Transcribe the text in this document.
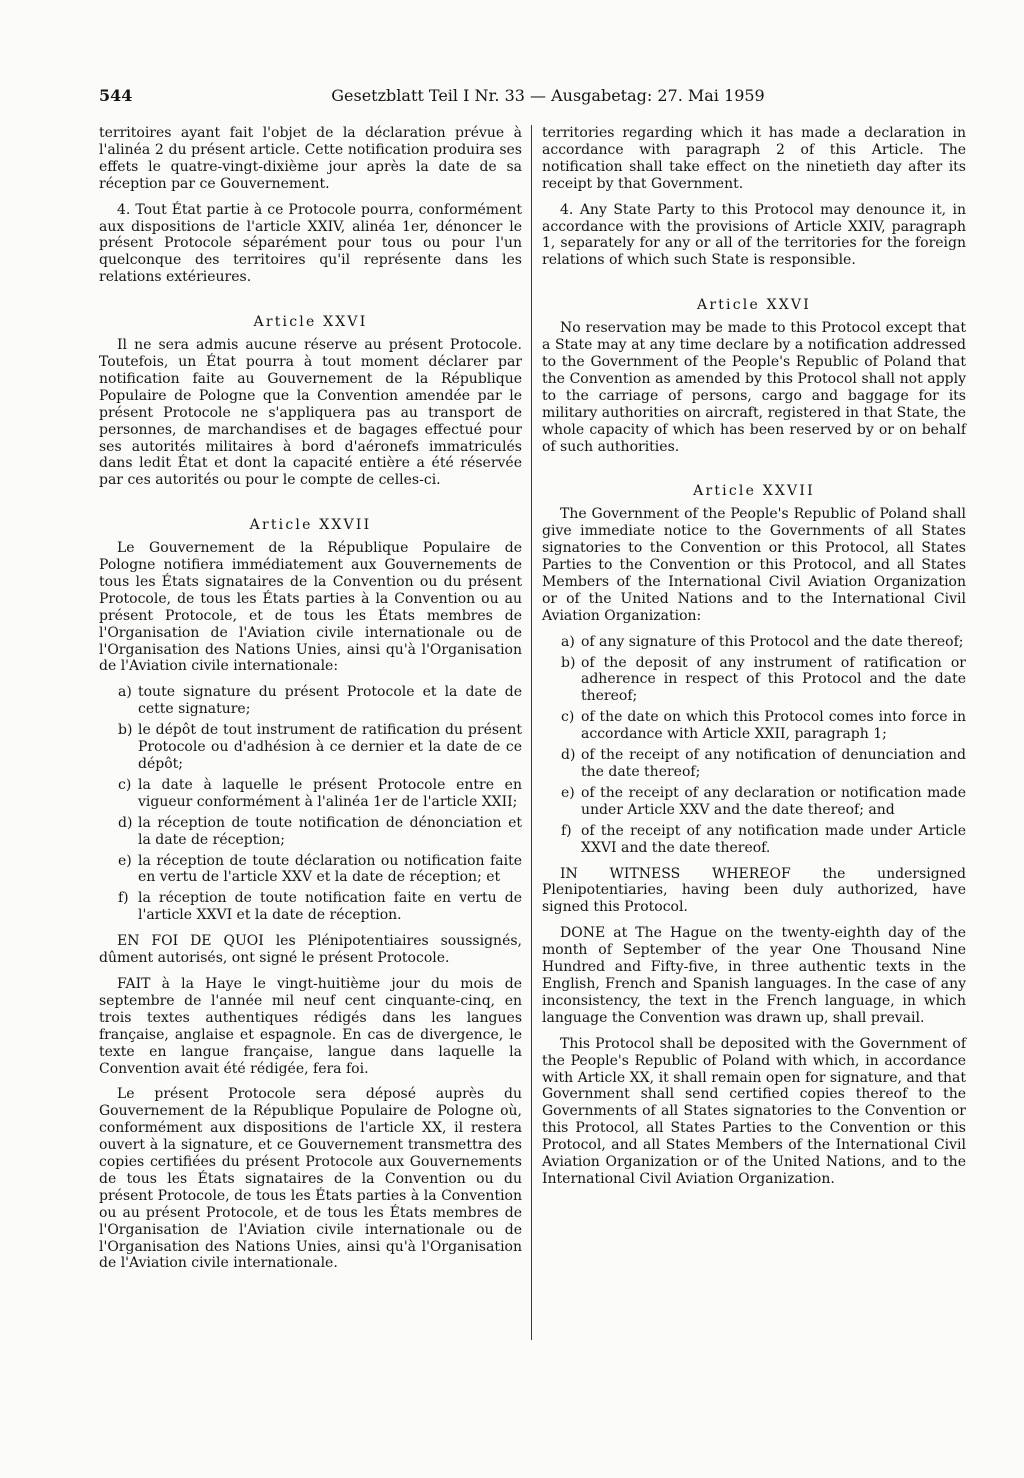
544	Gesetzblatt Teil I Nr. 33 — Ausgabetag: 27. Mai 1959

territoires ayant fait l'objet de la déclaration prévue à l'alinéa 2 du présent article. Cette notification produira ses effets le quatre-vingt-dixième jour après la date de sa réception par ce Gouvernement.

4. Tout État partie à ce Protocole pourra, conformément aux dispositions de l'article XXIV, alinéa 1er, dénoncer le présent Protocole séparément pour tous ou pour l'un quelconque des territoires qu'il représente dans les relations extérieures.

Article XXVI

Il ne sera admis aucune réserve au présent Protocole. Toutefois, un État pourra à tout moment déclarer par notification faite au Gouvernement de la République Populaire de Pologne que la Convention amendée par le présent Protocole ne s'appliquera pas au transport de personnes, de marchandises et de bagages effectué pour ses autorités militaires à bord d'aéronefs immatriculés dans ledit État et dont la capacité entière a été réservée par ces autorités ou pour le compte de celles-ci.

Article XXVII

Le Gouvernement de la République Populaire de Pologne notifiera immédiatement aux Gouvernements de tous les États signataires de la Convention ou du présent Protocole, de tous les États parties à la Convention ou au présent Protocole, et de tous les États membres de l'Organisation de l'Aviation civile internationale ou de l'Organisation des Nations Unies, ainsi qu'à l'Organisation de l'Aviation civile internationale:

a) toute signature du présent Protocole et la date de cette signature;
b) le dépôt de tout instrument de ratification du présent Protocole ou d'adhésion à ce dernier et la date de ce dépôt;
c) la date à laquelle le présent Protocole entre en vigueur conformément à l'alinéa 1er de l'article XXII;
d) la réception de toute notification de dénonciation et la date de réception;
e) la réception de toute déclaration ou notification faite en vertu de l'article XXV et la date de réception; et
f) la réception de toute notification faite en vertu de l'article XXVI et la date de réception.

EN FOI DE QUOI les Plénipotentiaires soussignés, dûment autorisés, ont signé le présent Protocole.

FAIT à la Haye le vingt-huitième jour du mois de septembre de l'année mil neuf cent cinquante-cinq, en trois textes authentiques rédigés dans les langues française, anglaise et espagnole. En cas de divergence, le texte en langue française, langue dans laquelle la Convention avait été rédigée, fera foi.

Le présent Protocole sera déposé auprès du Gouvernement de la République Populaire de Pologne où, conformément aux dispositions de l'article XX, il restera ouvert à la signature, et ce Gouvernement transmettra des copies certifiées du présent Protocole aux Gouvernements de tous les États signataires de la Convention ou du présent Protocole, de tous les États parties à la Convention ou au présent Protocole, et de tous les États membres de l'Organisation de l'Aviation civile internationale ou de l'Organisation des Nations Unies, ainsi qu'à l'Organisation de l'Aviation civile internationale.

territories regarding which it has made a declaration in accordance with paragraph 2 of this Article. The notification shall take effect on the ninetieth day after its receipt by that Government.

4. Any State Party to this Protocol may denounce it, in accordance with the provisions of Article XXIV, paragraph 1, separately for any or all of the territories for the foreign relations of which such State is responsible.

Article XXVI

No reservation may be made to this Protocol except that a State may at any time declare by a notification addressed to the Government of the People's Republic of Poland that the Convention as amended by this Protocol shall not apply to the carriage of persons, cargo and baggage for its military authorities on aircraft, registered in that State, the whole capacity of which has been reserved by or on behalf of such authorities.

Article XXVII

The Government of the People's Republic of Poland shall give immediate notice to the Governments of all States signatories to the Convention or this Protocol, all States Parties to the Convention or this Protocol, and all States Members of the International Civil Aviation Organization or of the United Nations and to the International Civil Aviation Organization:

a) of any signature of this Protocol and the date thereof;
b) of the deposit of any instrument of ratification or adherence in respect of this Protocol and the date thereof;
c) of the date on which this Protocol comes into force in accordance with Article XXII, paragraph 1;
d) of the receipt of any notification of denunciation and the date thereof;
e) of the receipt of any declaration or notification made under Article XXV and the date thereof; and
f) of the receipt of any notification made under Article XXVI and the date thereof.

IN WITNESS WHEREOF the undersigned Plenipotentiaries, having been duly authorized, have signed this Protocol.

DONE at The Hague on the twenty-eighth day of the month of September of the year One Thousand Nine Hundred and Fifty-five, in three authentic texts in the English, French and Spanish languages. In the case of any inconsistency, the text in the French language, in which language the Convention was drawn up, shall prevail.

This Protocol shall be deposited with the Government of the People's Republic of Poland with which, in accordance with Article XX, it shall remain open for signature, and that Government shall send certified copies thereof to the Governments of all States signatories to the Convention or this Protocol, all States Parties to the Convention or this Protocol, and all States Members of the International Civil Aviation Organization or of the United Nations, and to the International Civil Aviation Organization.
